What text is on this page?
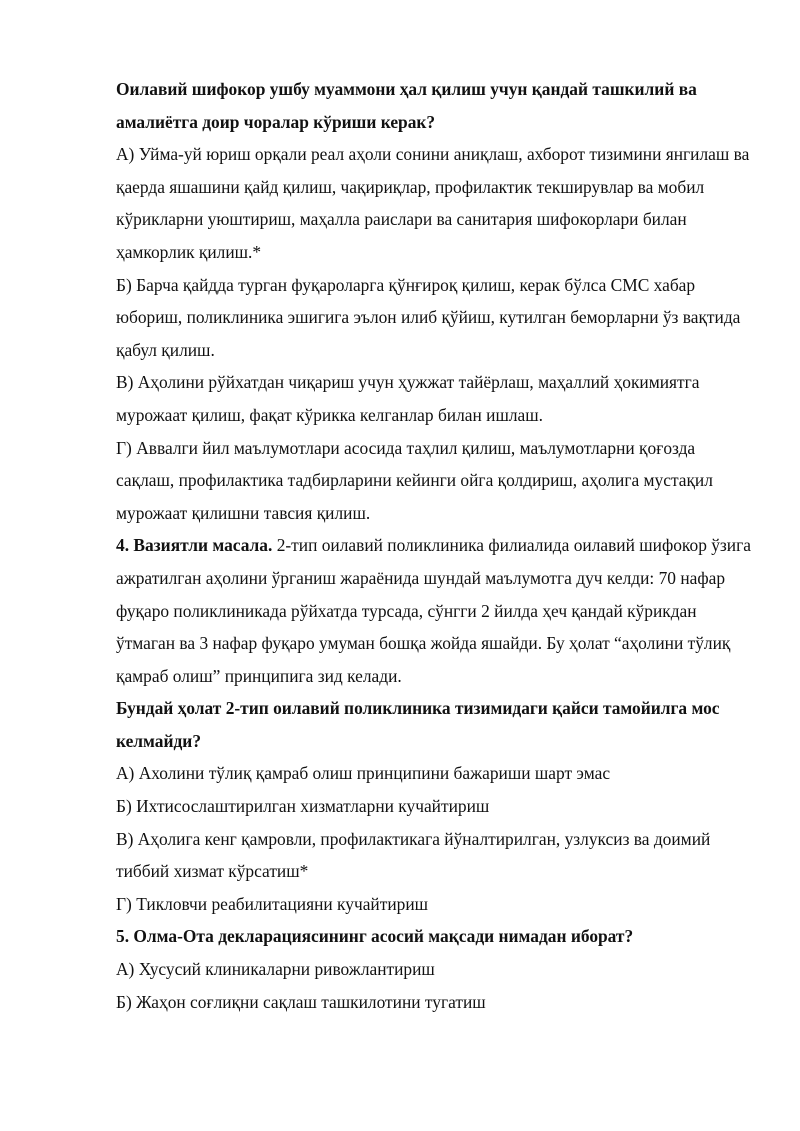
Оилавий шифокор ушбу муаммони ҳал қилиш учун қандай ташкилий ва амалиётга доир чоралар кўриши керак?

А) Уйма-уй юриш орқали реал аҳоли сонини аниқлаш, ахборот тизимини янгилаш ва қаерда яшашини қайд қилиш, чақириқлар, профилактик текширувлар ва мобил кўрикларни уюштириш, маҳалла раислари ва санитария шифокорлари билан ҳамкорлик қилиш.*

Б) Барча қайдда турган фуқароларга қўнғироқ қилиш, керак бўлса СМС хабар юбориш, поликлиника эшигига эълон илиб қўйиш, кутилган беморларни ўз вақтида қабул қилиш.

В) Аҳолини рўйхатдан чиқариш учун ҳужжат тайёрлаш, маҳаллий ҳокимиятга мурожаат қилиш, фақат кўрикка келганлар билан ишлаш.

Г) Аввалги йил маълумотлари асосида таҳлил қилиш, маълумотларни қоғозда сақлаш, профилактика тадбирларини кейинги ойга қолдириш, аҳолига мустақил мурожаат қилишни тавсия қилиш.

4. Вазиятли масала. 2-тип оилавий поликлиника филиалида оилавий шифокор ўзига ажратилган аҳолини ўрганиш жараёнида шундай маълумотга дуч келди: 70 нафар фуқаро поликлиникада рўйхатда турсада, сўнгги 2 йилда ҳеч қандай кўрикдан ўтмаган ва 3 нафар фуқаро умуман бошқа жойда яшайди. Бу ҳолат “аҳолини тўлиқ қамраб олиш” принципига зид келади.

Бундай ҳолат 2-тип оилавий поликлиника тизимидаги қайси тамойилга мос келмайди?

А) Ахолини тўлиқ қамраб олиш принципини бажариши шарт эмас

Б) Ихтисослаштирилган хизматларни кучайтириш

В) Аҳолига кенг қамровли, профилактикага йўналтирилган, узлуксиз ва доимий тиббий хизмат кўрсатиш*

Г) Тикловчи реабилитацияни кучайтириш

5. Олма-Ота декларациясининг асосий мақсади нимадан иборат?

А) Хусусий клиникаларни ривожлантириш

Б) Жаҳон соғлиқни сақлаш ташкилотини тугатиш
